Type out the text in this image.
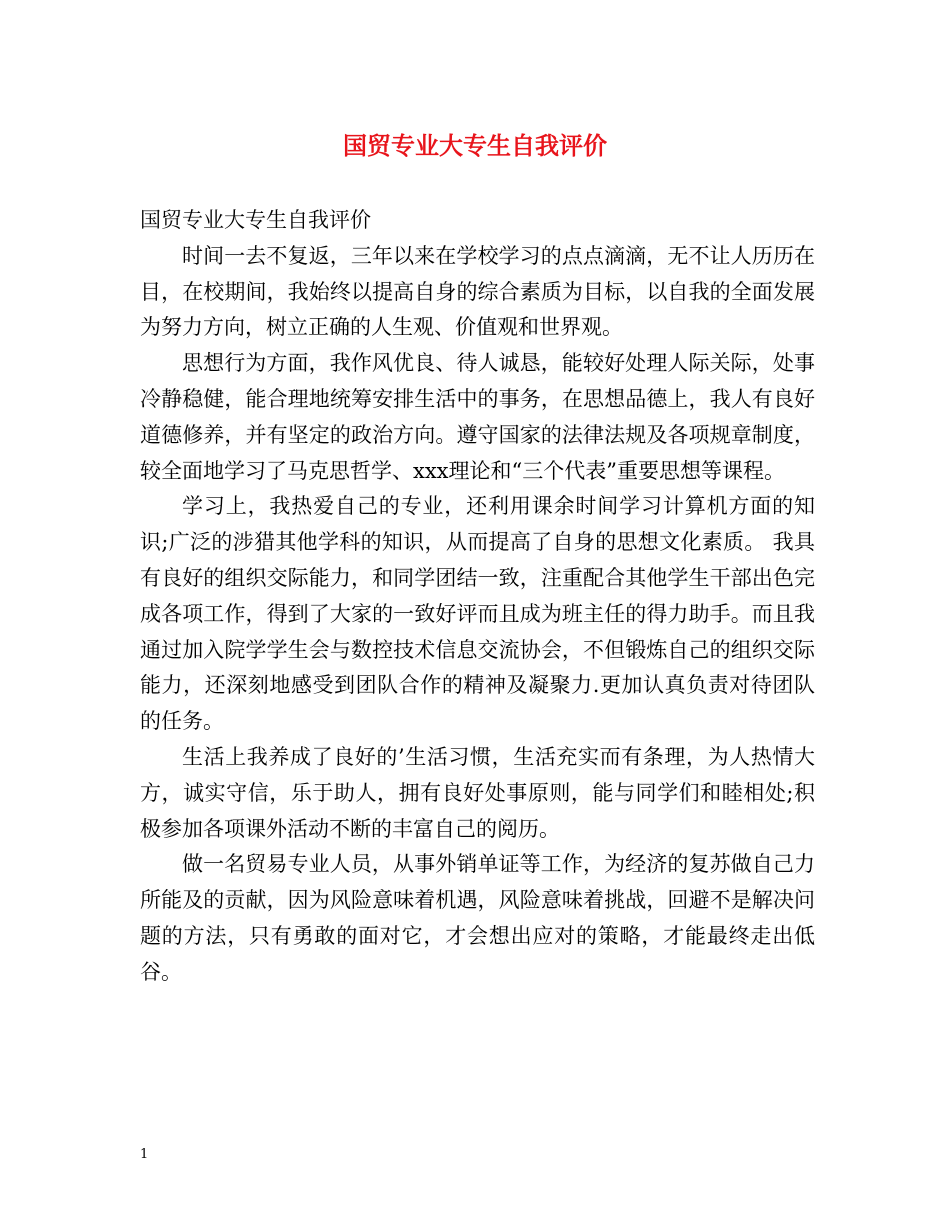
国贸专业大专生自我评价

国贸专业大专生自我评价

时间一去不复返，三年以来在学校学习的点点滴滴，无不让人历历在目，在校期间，我始终以提高自身的综合素质为目标，以自我的全面发展为努力方向，树立正确的人生观、价值观和世界观。

思想行为方面，我作风优良、待人诚恳，能较好处理人际关际，处事冷静稳健，能合理地统筹安排生活中的事务，在思想品德上，我人有良好道德修养，并有坚定的政治方向。遵守国家的法律法规及各项规章制度，较全面地学习了马克思哲学、xxx理论和“三个代表”重要思想等课程。

学习上，我热爱自己的专业，还利用课余时间学习计算机方面的知识;广泛的涉猎其他学科的知识，从而提高了自身的思想文化素质。 我具有良好的组织交际能力，和同学团结一致，注重配合其他学生干部出色完成各项工作，得到了大家的一致好评而且成为班主任的得力助手。而且我通过加入院学学生会与数控技术信息交流协会，不但锻炼自己的组织交际能力，还深刻地感受到团队合作的精神及凝聚力.更加认真负责对待团队的任务。

生活上我养成了良好的’生活习惯，生活充实而有条理，为人热情大方，诚实守信，乐于助人，拥有良好处事原则，能与同学们和睦相处;积极参加各项课外活动不断的丰富自己的阅历。

做一名贸易专业人员，从事外销单证等工作，为经济的复苏做自己力所能及的贡献，因为风险意味着机遇，风险意味着挑战，回避不是解决问题的方法，只有勇敢的面对它，才会想出应对的策略，才能最终走出低谷。

1
